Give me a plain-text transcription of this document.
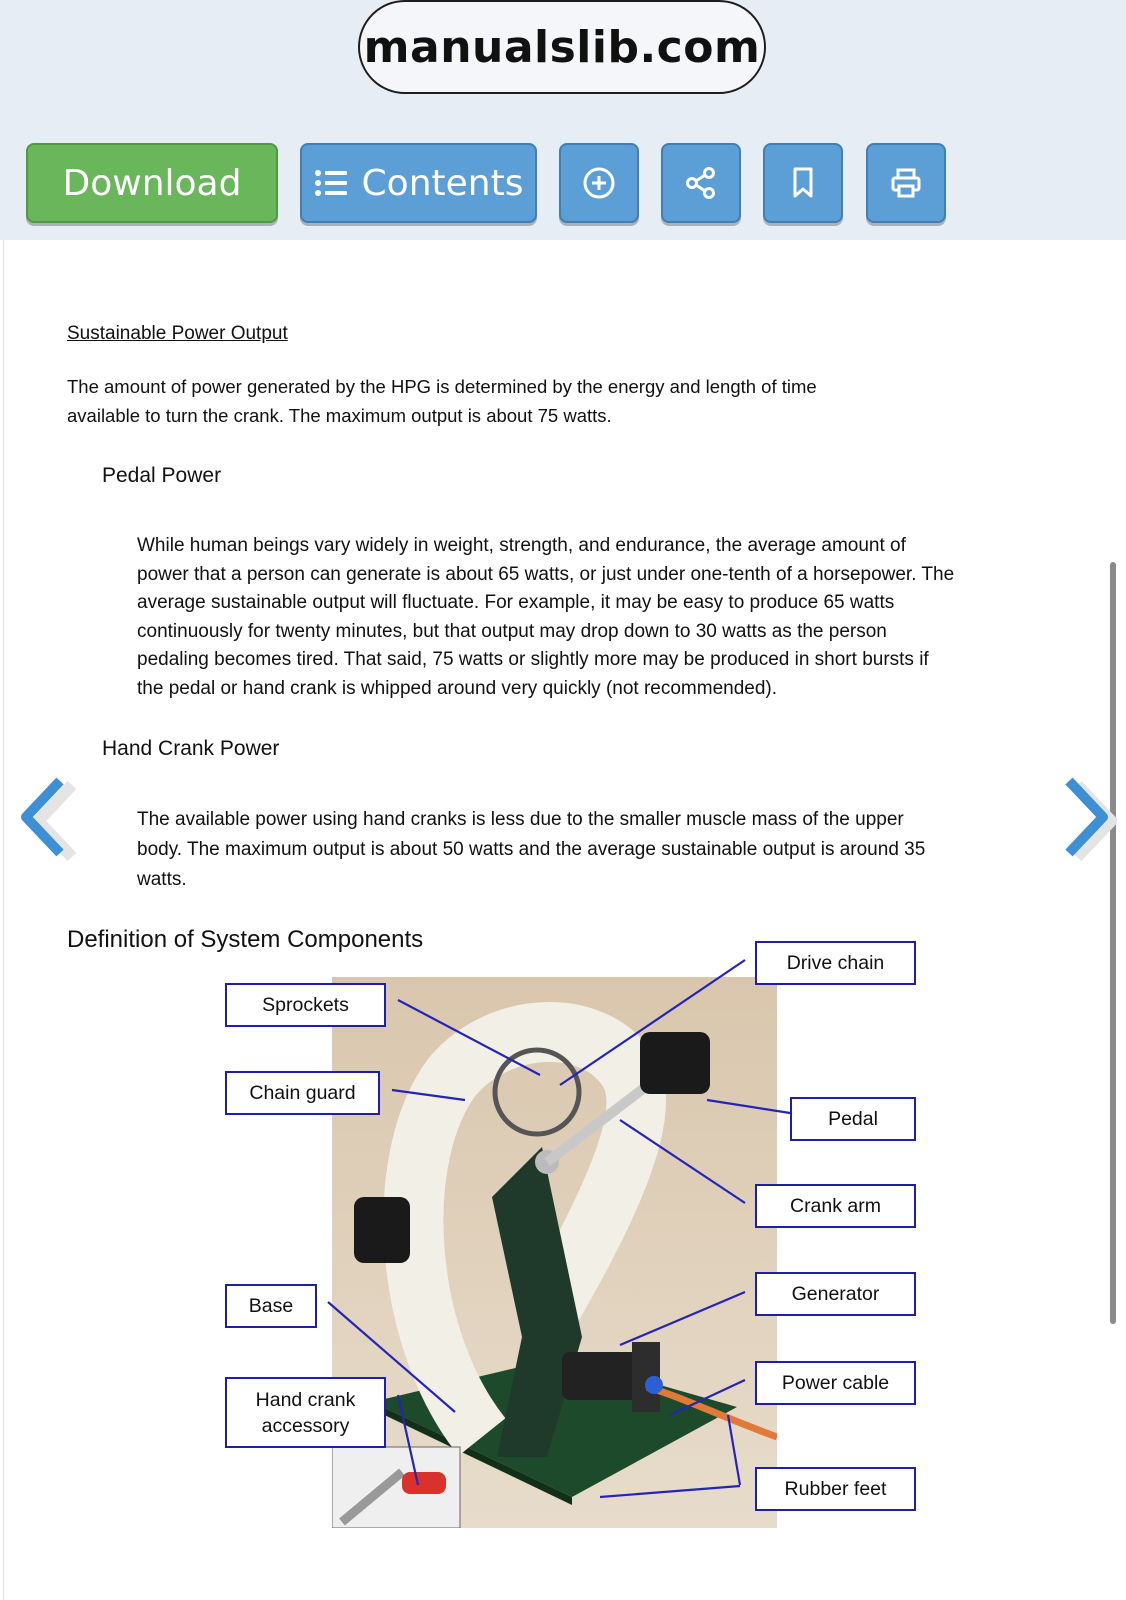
manualslib.com
Download	Contents
Sustainable Power Output
The amount of power generated by the HPG is determined by the energy and length of time available to turn the crank. The maximum output is about 75 watts.
Pedal Power
While human beings vary widely in weight, strength, and endurance, the average amount of power that a person can generate is about 65 watts, or just under one-tenth of a horsepower. The average sustainable output will fluctuate. For example, it may be easy to produce 65 watts continuously for twenty minutes, but that output may drop down to 30 watts as the person pedaling becomes tired. That said, 75 watts or slightly more may be produced in short bursts if the pedal or hand crank is whipped around very quickly (not recommended).
Hand Crank Power
The available power using hand cranks is less due to the smaller muscle mass of the upper body. The maximum output is about 50 watts and the average sustainable output is around 35 watts.
Definition of System Components
Drive chain
Sprockets
Chain guard
Pedal
Crank arm
Base
Generator
Hand crank accessory
Power cable
Rubber feet
